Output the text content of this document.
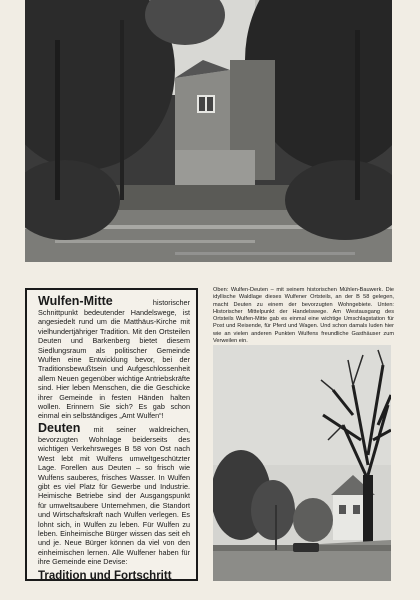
Wulfen-Mitte	historischer Schnittpunkt bedeutender Handelswege, ist angesiedelt rund um die Matthäus-Kirche mit vielhundertjähriger Tradition. Mit den Ortsteilen Deuten und Barkenberg bietet diesem Siedlungsraum als politischer Gemeinde Wulfen eine Entwicklung bevor, bei der Traditionsbewußtsein und Aufgeschlossenheit allem Neuen gegenüber wichtige Antriebskräfte sind. Hier leben Menschen, die die Geschicke ihrer Gemeinde in festen Händen halten wollen. Erinnern Sie sich? Es gab schon einmal ein selbständiges „Amt Wulfen“!

Deuten mit seiner waldreichen, bevorzugten Wohnlage beiderseits des wichtigen Verkehrsweges B 58 von Ost nach West lebt mit Wulfens umweltgeschützter Lage. Forellen aus Deuten – so frisch wie Wulfens sauberes, frisches Wasser. In Wulfen gibt es viel Platz für Gewerbe und Industrie. Heimische Betriebe sind der Ausgangspunkt für umweltsaubere Unternehmen, die Standort und Wirtschaftskraft nach Wulfen verlegen. Es lohnt sich, in Wulfen zu leben. Für Wulfen zu leben. Einheimische Bürger wissen das seit eh und je. Neue Bürger können da viel von den einheimischen lernen. Alle Wulfener haben für ihre Gemeinde eine Devise:

Tradition und Fortschritt

Oben: Wulfen-Deuten – mit seinem historischen Mühlen-Bauwerk. Die idyllische Waldlage dieses Wulfener Ortsteils, an der B 58 gelegen, macht Deuten zu einem der bevorzugten Wohngebiete. Unten: Historischer Mittelpunkt der Handelswege. Am Westausgang des Ortsteils Wulfen-Mitte gab es einmal eine wichtige Umschlagstation für Post und Reisende, für Pferd und Wagen. Und schon damals luden hier wie an vielen anderen Punkten Wulfens freundliche Gasthäuser zum Verweilen ein.
